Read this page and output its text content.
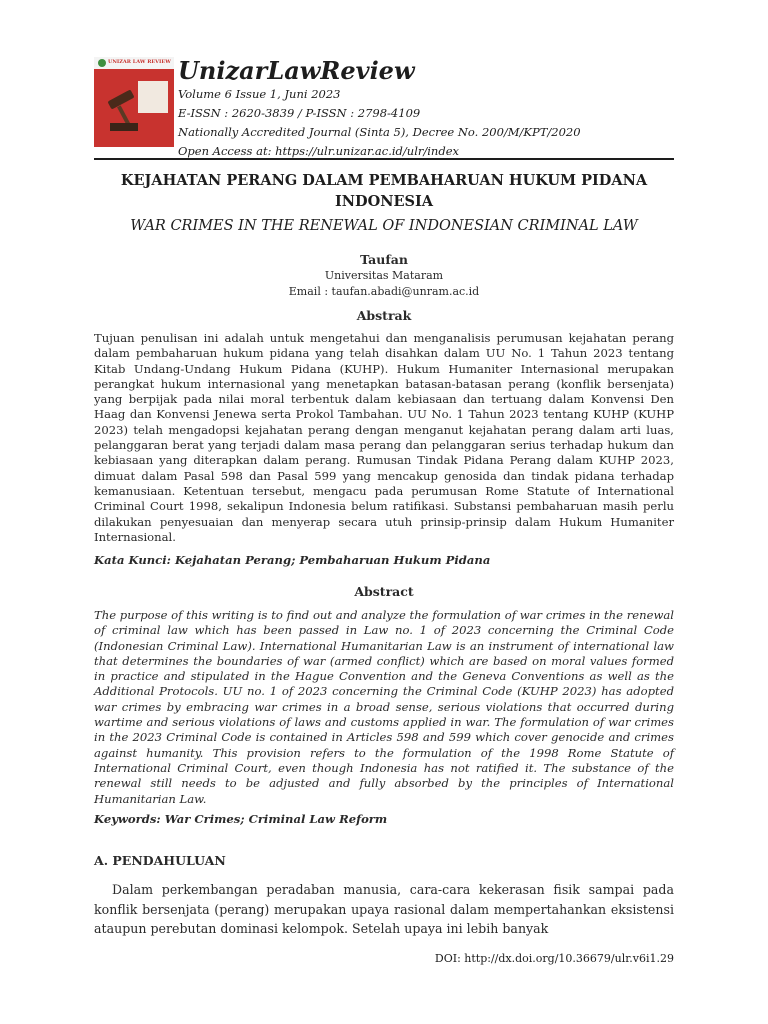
UNIZAR LAW REVIEW UnizarLawReview
Volume 6 Issue 1, Juni 2023
E-ISSN : 2620-3839 / P-ISSN : 2798-4109
Nationally Accredited Journal (Sinta 5), Decree No. 200/M/KPT/2020
Open Access at: https://ulr.unizar.ac.id/ulr/index
KEJAHATAN PERANG DALAM PEMBAHARUAN HUKUM PIDANA INDONESIA
WAR CRIMES IN THE RENEWAL OF INDONESIAN CRIMINAL LAW
Taufan
Universitas Mataram
Email : taufan.abadi@unram.ac.id
Abstrak

Tujuan penulisan ini adalah untuk mengetahui dan menganalisis perumusan kejahatan perang dalam pembaharuan hukum pidana yang telah disahkan dalam UU No. 1 Tahun 2023 tentang Kitab Undang-Undang Hukum Pidana (KUHP). Hukum Humaniter Internasional merupakan perangkat hukum internasional yang menetapkan batasan-batasan perang (konflik bersenjata) yang berpijak pada nilai moral terbentuk dalam kebiasaan dan tertuang dalam Konvensi Den Haag dan Konvensi Jenewa serta Prokol Tambahan. UU No. 1 Tahun 2023 tentang KUHP (KUHP 2023) telah mengadopsi kejahatan perang dengan menganut kejahatan perang dalam arti luas, pelanggaran berat yang terjadi dalam masa perang dan pelanggaran serius terhadap hukum dan kebiasaan yang diterapkan dalam perang. Rumusan Tindak Pidana Perang dalam KUHP 2023, dimuat dalam Pasal 598 dan Pasal 599 yang mencakup genosida dan tindak pidana terhadap kemanusiaan. Ketentuan tersebut, mengacu pada perumusan Rome Statute of International Criminal Court 1998, sekalipun Indonesia belum ratifikasi. Substansi pembaharuan masih perlu dilakukan penyesuaian dan menyerap secara utuh prinsip-prinsip dalam Hukum Humaniter Internasional.

Kata Kunci: Kejahatan Perang; Pembaharuan Hukum Pidana
Abstract

The purpose of this writing is to find out and analyze the formulation of war crimes in the renewal of criminal law which has been passed in Law no. 1 of 2023 concerning the Criminal Code (Indonesian Criminal Law). International Humanitarian Law is an instrument of international law that determines the boundaries of war (armed conflict) which are based on moral values formed in practice and stipulated in the Hague Convention and the Geneva Conventions as well as the Additional Protocols. UU no. 1 of 2023 concerning the Criminal Code (KUHP 2023) has adopted war crimes by embracing war crimes in a broad sense, serious violations that occurred during wartime and serious violations of laws and customs applied in war. The formulation of war crimes in the 2023 Criminal Code is contained in Articles 598 and 599 which cover genocide and crimes against humanity. This provision refers to the formulation of the 1998 Rome Statute of International Criminal Court, even though Indonesia has not ratified it. The substance of the renewal still needs to be adjusted and fully absorbed by the principles of International Humanitarian Law.

Keywords: War Crimes; Criminal Law Reform
A. PENDAHULUAN

Dalam perkembangan peradaban manusia, cara-cara kekerasan fisik sampai pada konflik bersenjata (perang) merupakan upaya rasional dalam mempertahankan eksistensi ataupun perebutan dominasi kelompok. Setelah upaya ini lebih banyak

DOI: http://dx.doi.org/10.36679/ulr.v6i1.29
